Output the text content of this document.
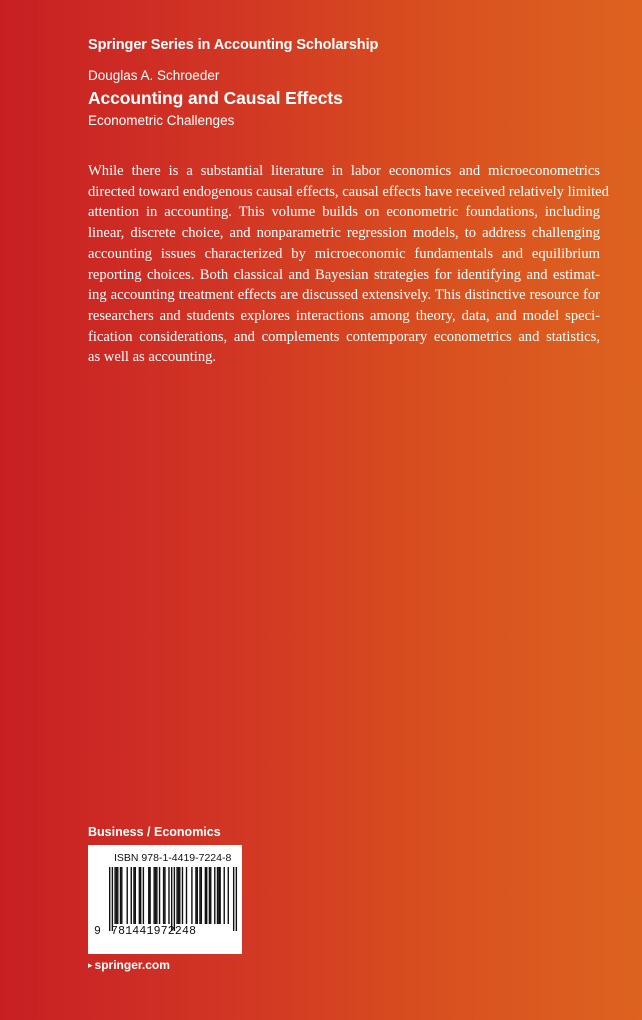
Springer Series in Accounting Scholarship
Douglas A. Schroeder
Accounting and Causal Effects
Econometric Challenges
While there is a substantial literature in labor economics and microeconometrics
directed toward endogenous causal effects, causal effects have received relatively limited
attention in accounting. This volume builds on econometric foundations, including
linear, discrete choice, and nonparametric regression models, to address challenging
accounting issues characterized by microeconomic fundamentals and equilibrium
reporting choices. Both classical and Bayesian strategies for identifying and estimat-
ing accounting treatment effects are discussed extensively. This distinctive resource for
researchers and students explores interactions among theory, data, and model speci-
fication considerations, and complements contemporary econometrics and statistics,
as well as accounting.
Business / Economics
ISBN 978-1-4419-7224-8
9 781441972248
▸ springer.com
